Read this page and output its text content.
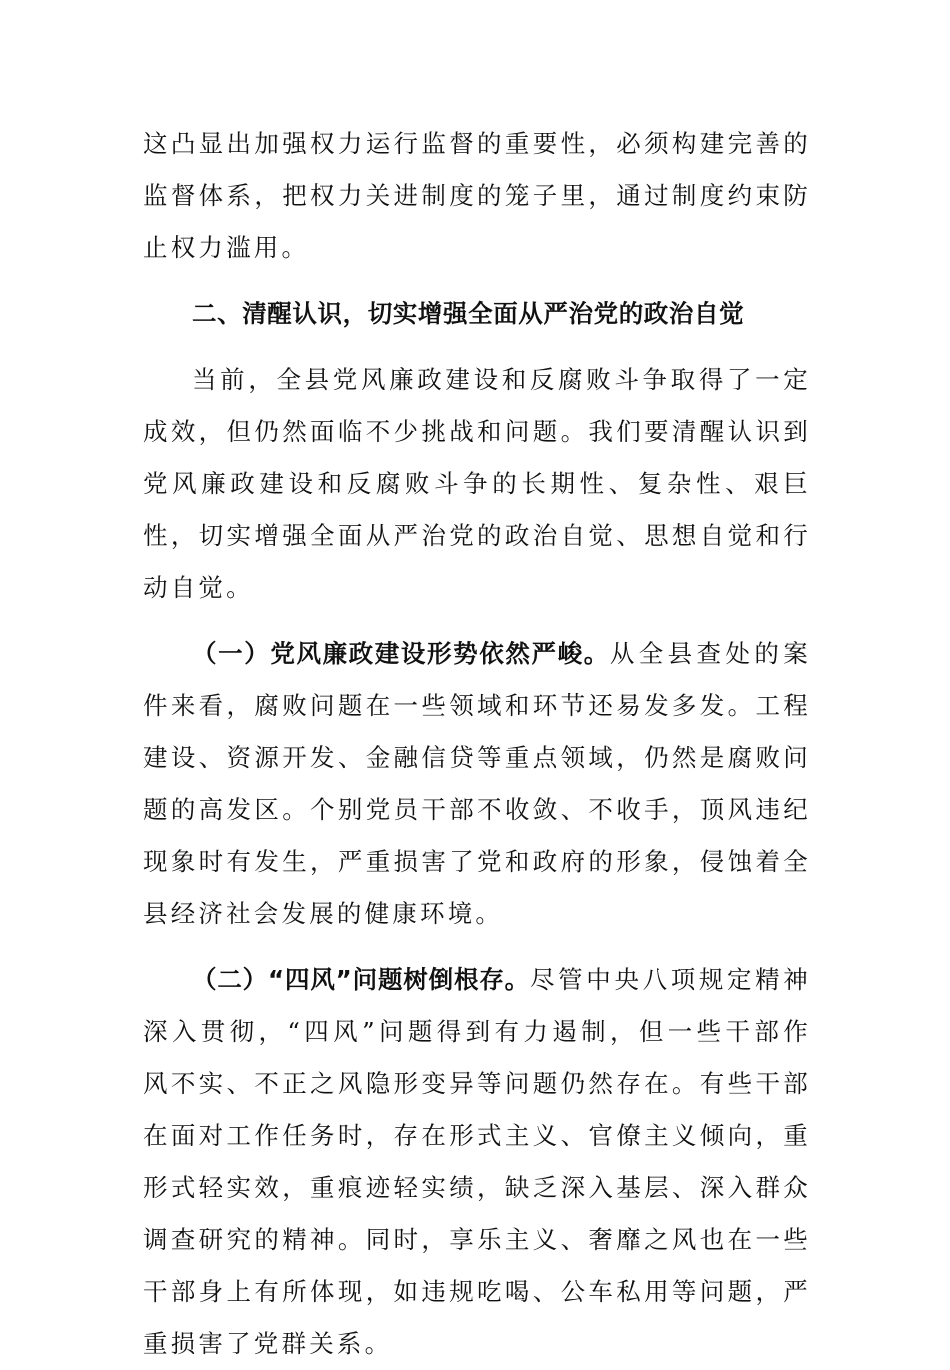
这凸显出加强权力运行监督的重要性，必须构建完善的监督体系，把权力关进制度的笼子里，通过制度约束防止权力滥用。

二、清醒认识，切实增强全面从严治党的政治自觉

当前，全县党风廉政建设和反腐败斗争取得了一定成效，但仍然面临不少挑战和问题。我们要清醒认识到党风廉政建设和反腐败斗争的长期性、复杂性、艰巨性，切实增强全面从严治党的政治自觉、思想自觉和行动自觉。

（一）党风廉政建设形势依然严峻。从全县查处的案件来看，腐败问题在一些领域和环节还易发多发。工程建设、资源开发、金融信贷等重点领域，仍然是腐败问题的高发区。个别党员干部不收敛、不收手，顶风违纪现象时有发生，严重损害了党和政府的形象，侵蚀着全县经济社会发展的健康环境。

（二）“四风”问题树倒根存。尽管中央八项规定精神深入贯彻，“四风”问题得到有力遏制，但一些干部作风不实、不正之风隐形变异等问题仍然存在。有些干部在面对工作任务时，存在形式主义、官僚主义倾向，重形式轻实效，重痕迹轻实绩，缺乏深入基层、深入群众调查研究的精神。同时，享乐主义、奢靡之风也在一些干部身上有所体现，如违规吃喝、公车私用等问题，严重损害了党群关系。
